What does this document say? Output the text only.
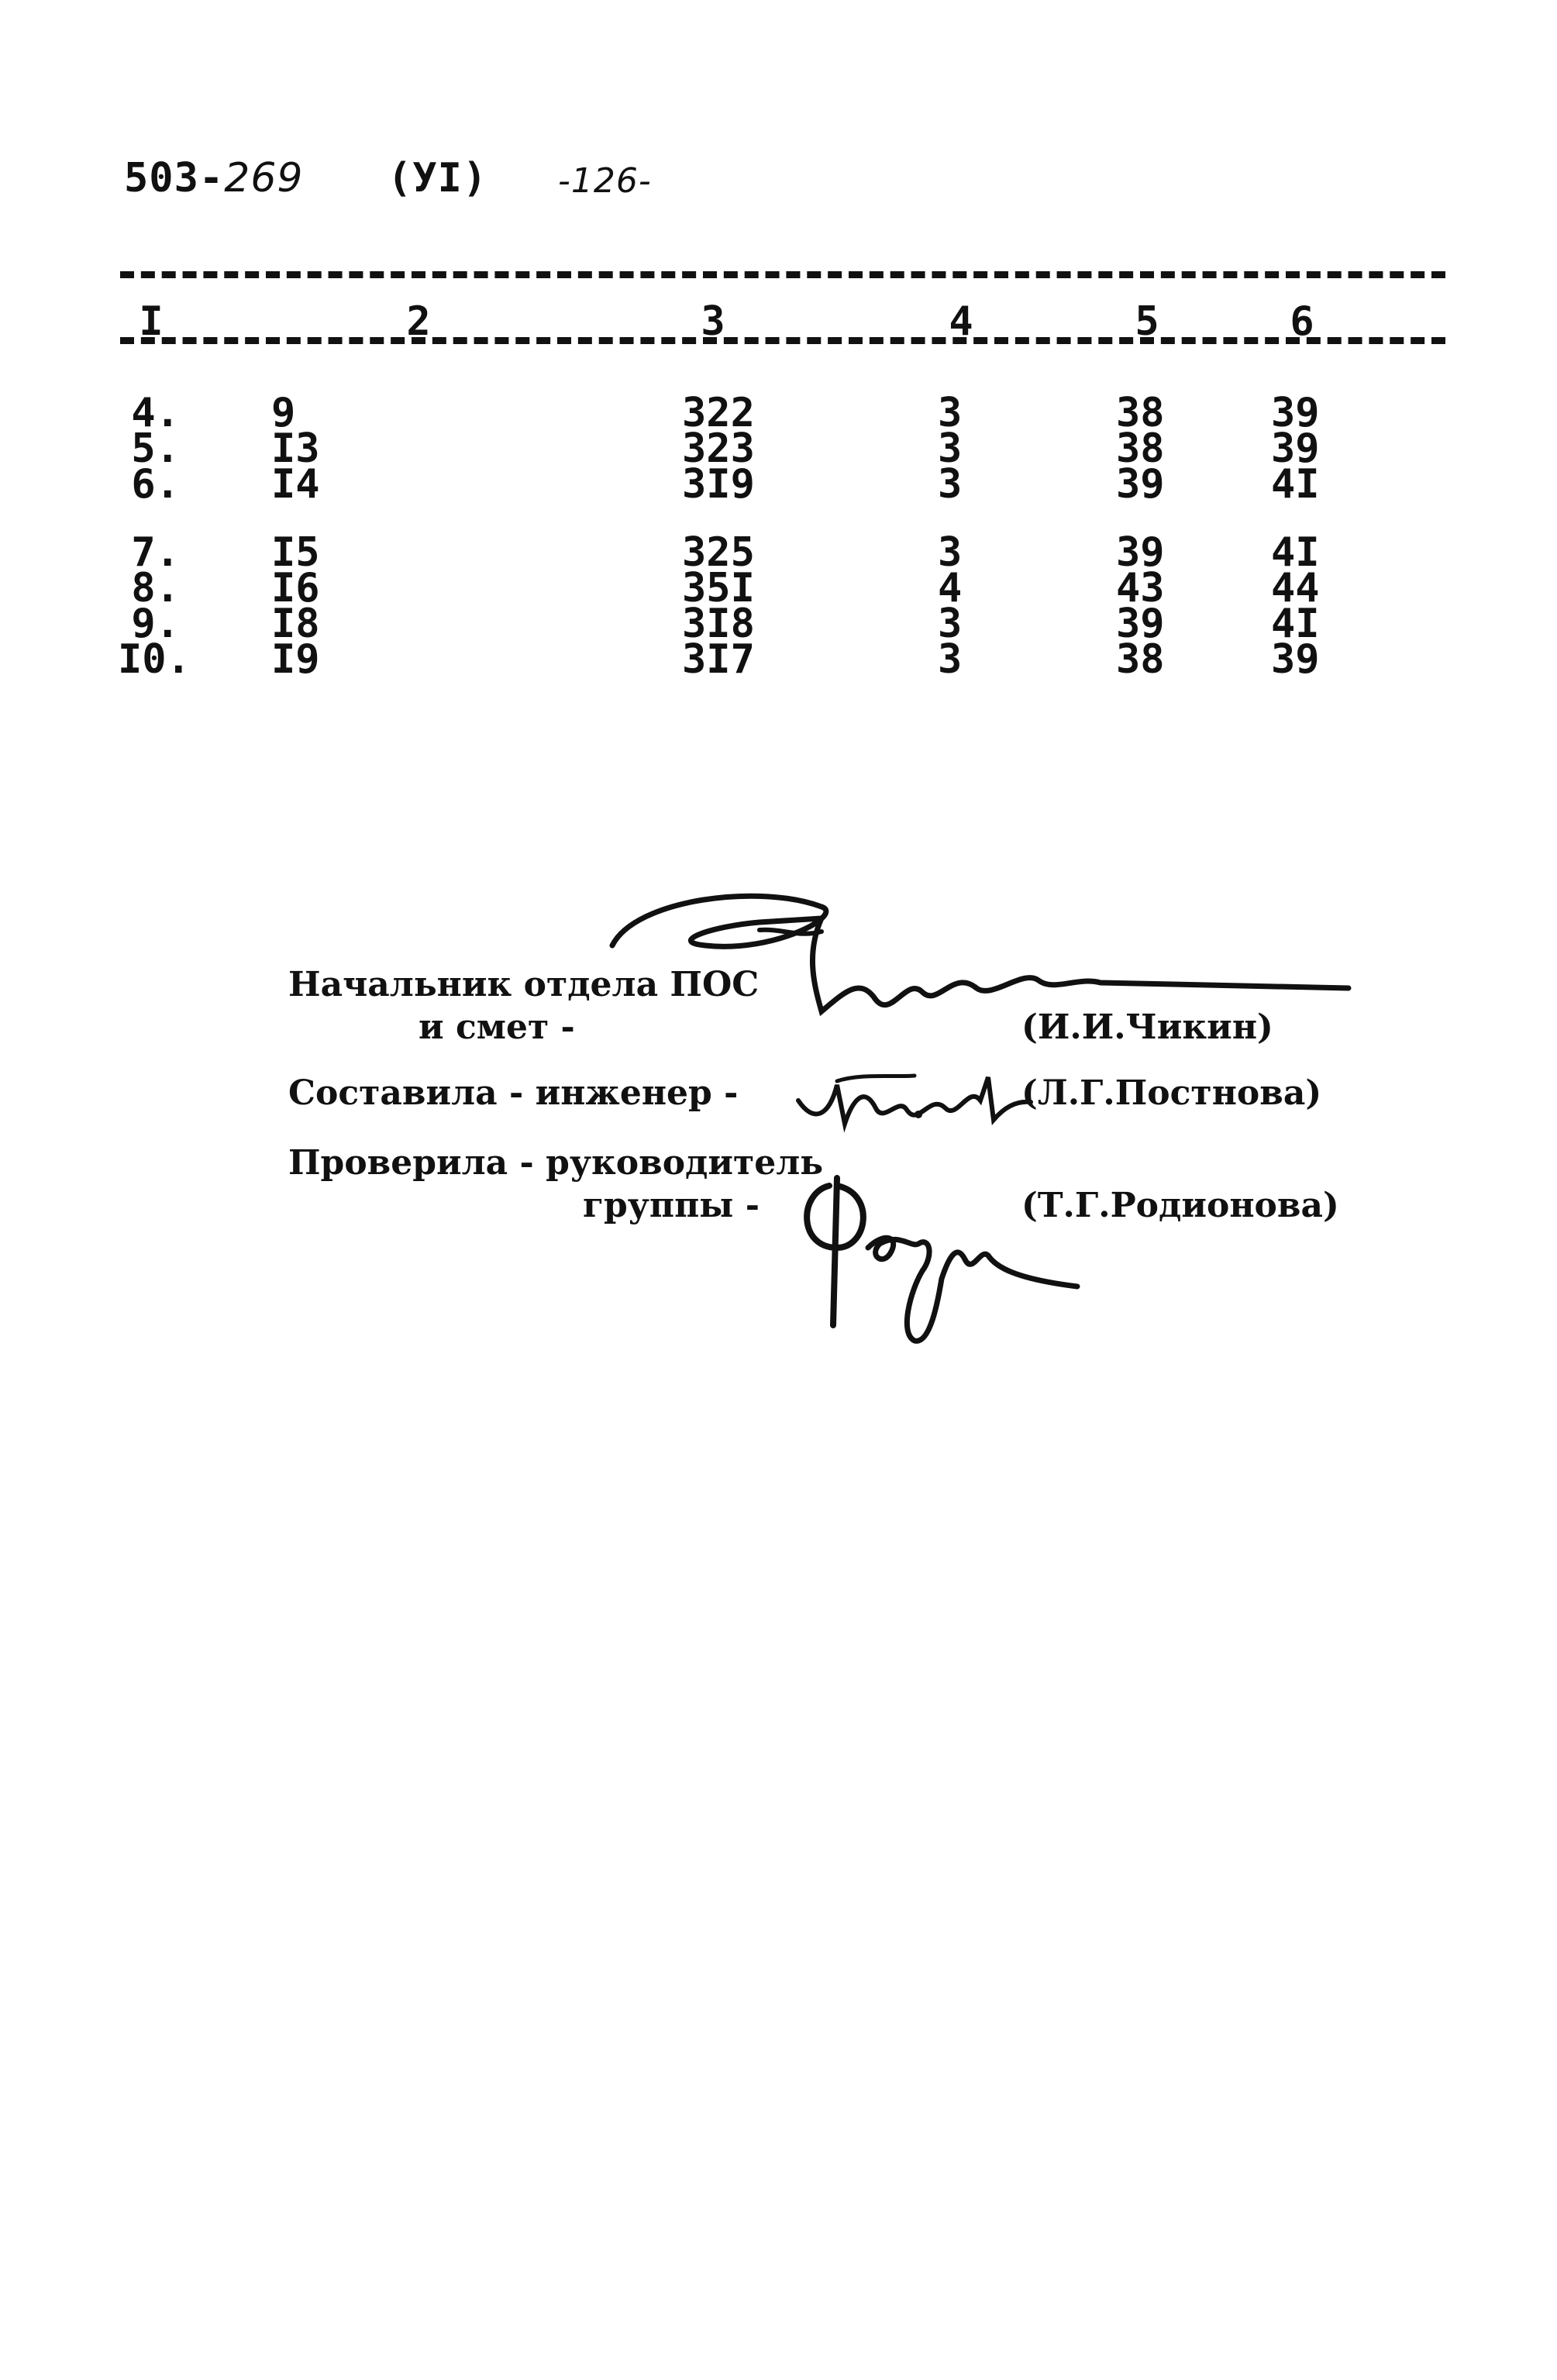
503-269 (УI) -126-
I	2	3	4	5	6
4. 9	322	3	38	39
5. I3	323	3	38	39
6. I4	3I9	3	39	4I
7. I5	325	3	39	4I
8. I6	35I	4	43	44
9. I8	3I8	3	39	4I
I0. I9	3I7	3	38	39
Начальник отдела ПОС
и смет -	(И.И.Чикин)
Составила - инженер -	(Л.Г.Постнова)
Проверила - руководитель
группы -	(Т.Г.Родионова)
